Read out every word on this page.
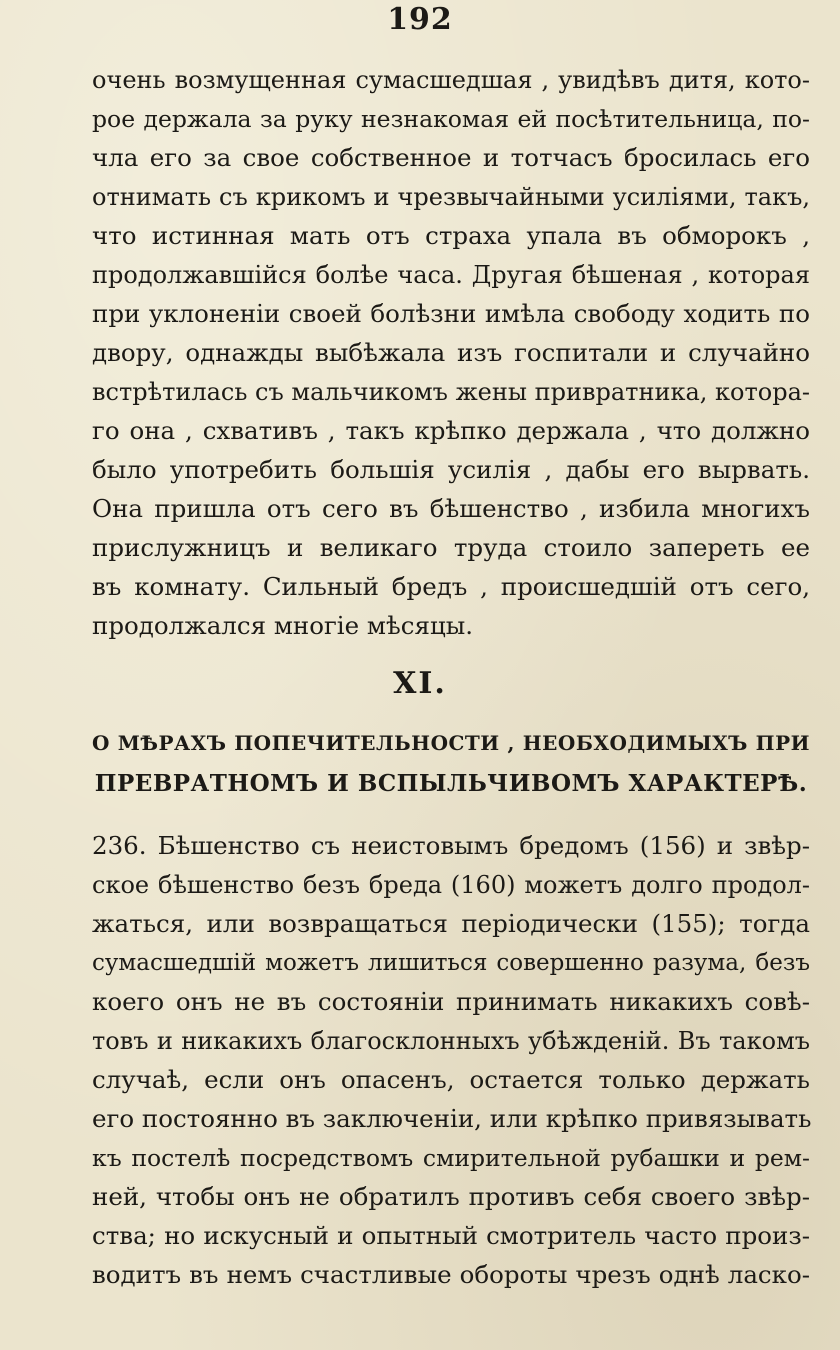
192
очень возмущенная сумасшедшая , увидѣвъ дитя, кото-
рое держала за руку незнакомая ей посѣтительница, по-
чла его за свое собственное и тотчасъ бросилась его
отнимать съ крикомъ и чрезвычайными усилiями, такъ,
что истинная мать отъ страха упала въ обморокъ ,
продолжавшiйся болѣе часа. Другая бѣшеная , которая
при уклоненiи своей болѣзни имѣла свободу ходить по
двору, однажды выбѣжала изъ госпитали и случайно
встрѣтилась съ мальчикомъ жены привратника, котора-
го она , схвативъ , такъ крѣпко держала , что должно
было употребить большiя усилiя , дабы его вырвать.
Она пришла отъ сего въ бѣшенство , избила многихъ
прислужницъ и великаго труда стоило запереть ее
въ комнату. Сильный бредъ , происшедшiй отъ сего,
продолжался многiе мѣсяцы.
XI.
О МѢРАХЪ ПОПЕЧИТЕЛЬНОСТИ , НЕОБХОДИМЫХЪ ПРИ
ПРЕВРАТНОМЪ И ВСПЫЛЬЧИВОМЪ ХАРАКТЕРѢ.
236. Бѣшенство съ неистовымъ бредомъ (156) и звѣр-
ское бѣшенство безъ бреда (160) можетъ долго продол-
жаться, или возвращаться перiодически (155); тогда
сумасшедшiй можетъ лишиться совершенно разума, безъ
коего онъ не въ состоянiи принимать никакихъ совѣ-
товъ и никакихъ благосклонныхъ убѣжденiй. Въ такомъ
случаѣ, если онъ опасенъ, остается только держать
его постоянно въ заключенiи, или крѣпко привязывать
къ постелѣ посредствомъ смирительной рубашки и рем-
ней, чтобы онъ не обратилъ противъ себя своего звѣр-
ства; но искусный и опытный смотритель часто произ-
водитъ въ немъ счастливые обороты чрезъ однѣ ласко-
